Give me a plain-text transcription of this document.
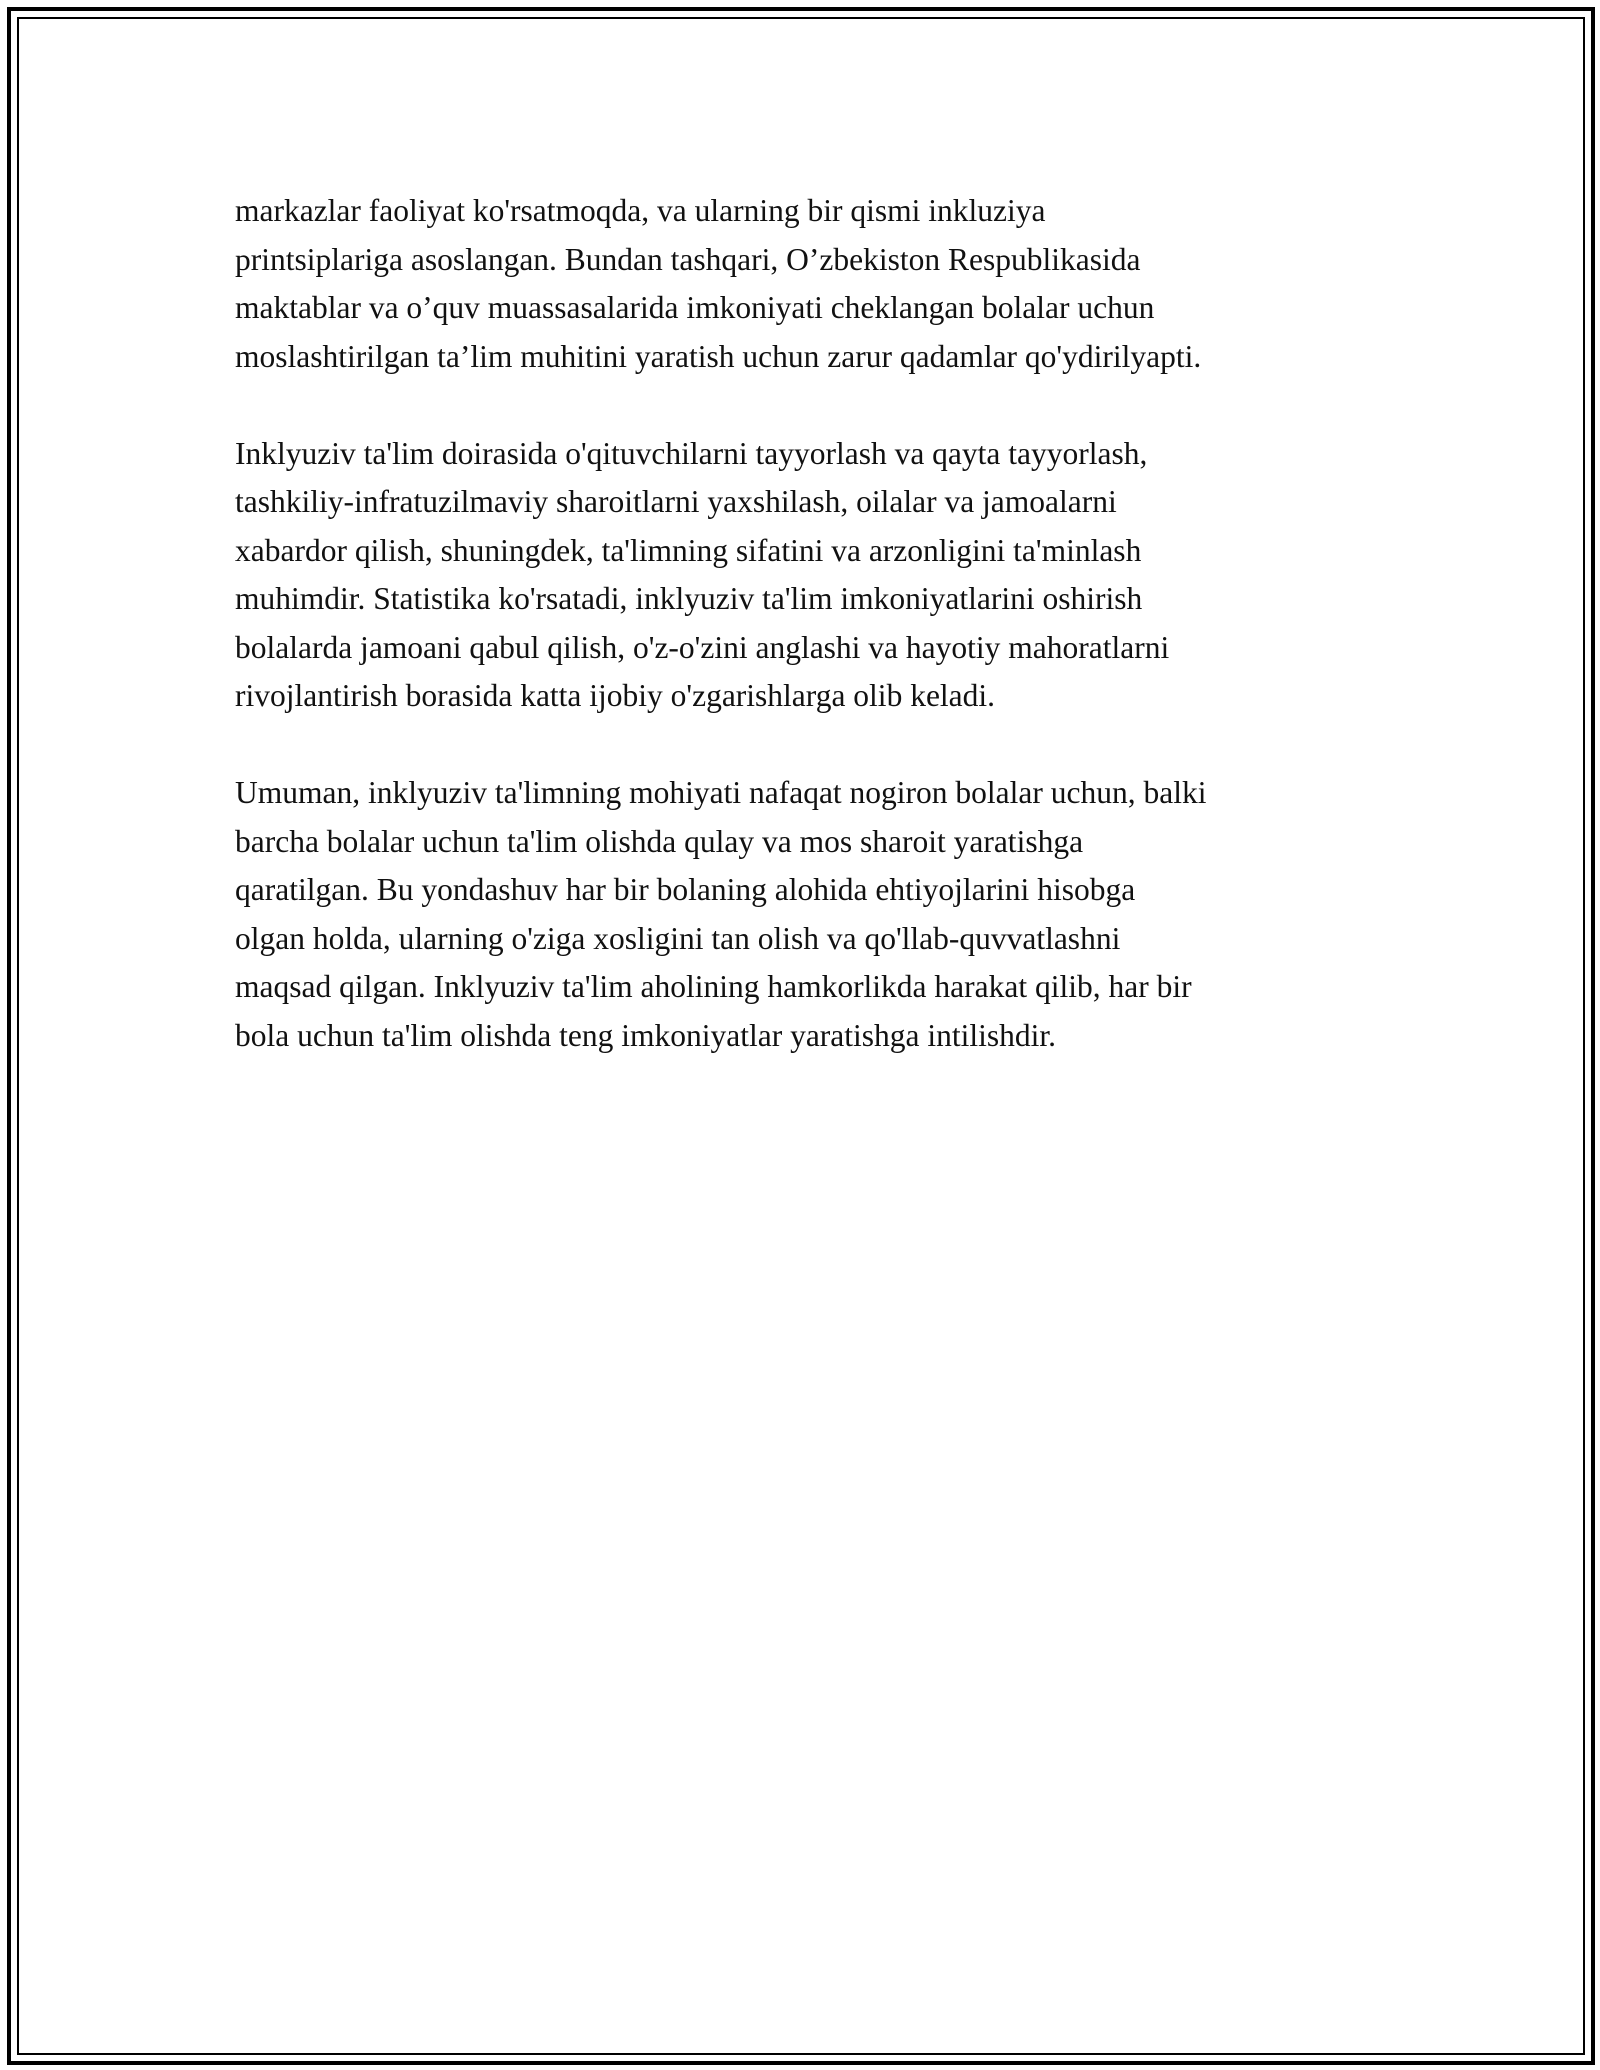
markazlar faoliyat ko'rsatmoqda, va ularning bir qismi inkluziya
printsiplariga asoslangan. Bundan tashqari, O’zbekiston Respublikasida
maktablar va o’quv muassasalarida imkoniyati cheklangan bolalar uchun
moslashtirilgan ta’lim muhitini yaratish uchun zarur qadamlar qo'ydirilyapti.

Inklyuziv ta'lim doirasida o'qituvchilarni tayyorlash va qayta tayyorlash,
tashkiliy-infratuzilmaviy sharoitlarni yaxshilash, oilalar va jamoalarni
xabardor qilish, shuningdek, ta'limning sifatini va arzonligini ta'minlash
muhimdir. Statistika ko'rsatadi, inklyuziv ta'lim imkoniyatlarini oshirish
bolalarda jamoani qabul qilish, o'z-o'zini anglashi va hayotiy mahoratlarni
rivojlantirish borasida katta ijobiy o'zgarishlarga olib keladi.

Umuman, inklyuziv ta'limning mohiyati nafaqat nogiron bolalar uchun, balki
barcha bolalar uchun ta'lim olishda qulay va mos sharoit yaratishga
qaratilgan. Bu yondashuv har bir bolaning alohida ehtiyojlarini hisobga
olgan holda, ularning o'ziga xosligini tan olish va qo'llab-quvvatlashni
maqsad qilgan. Inklyuziv ta'lim aholining hamkorlikda harakat qilib, har bir
bola uchun ta'lim olishda teng imkoniyatlar yaratishga intilishdir.
